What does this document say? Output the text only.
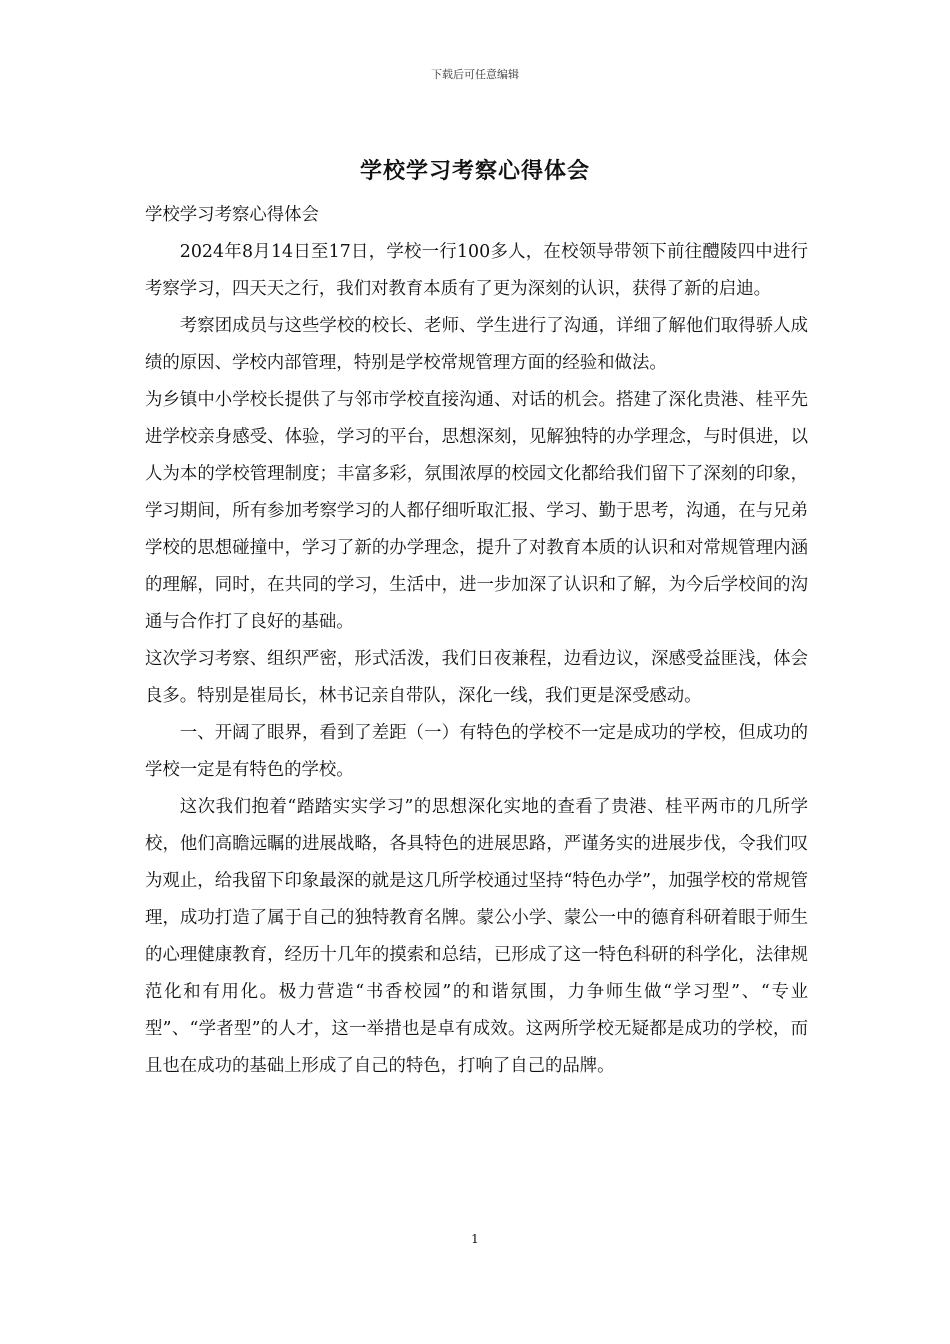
下载后可任意编辑
学校学习考察心得体会

学校学习考察心得体会

2024年8月14日至17日，学校一行100多人，在校领导带领下前往醴陵四中进行考察学习，四天天之行，我们对教育本质有了更为深刻的认识，获得了新的启迪。

考察团成员与这些学校的校长、老师、学生进行了沟通，详细了解他们取得骄人成绩的原因、学校内部管理，特别是学校常规管理方面的经验和做法。

为乡镇中小学校长提供了与邻市学校直接沟通、对话的机会。搭建了深化贵港、桂平先进学校亲身感受、体验，学习的平台，思想深刻，见解独特的办学理念，与时俱进，以人为本的学校管理制度；丰富多彩，氛围浓厚的校园文化都给我们留下了深刻的印象，学习期间，所有参加考察学习的人都仔细听取汇报、学习、勤于思考，沟通，在与兄弟学校的思想碰撞中，学习了新的办学理念，提升了对教育本质的认识和对常规管理内涵的理解，同时，在共同的学习，生活中，进一步加深了认识和了解，为今后学校间的沟通与合作打了良好的基础。

这次学习考察、组织严密，形式活泼，我们日夜兼程，边看边议，深感受益匪浅，体会良多。特别是崔局长，林书记亲自带队，深化一线，我们更是深受感动。

一、开阔了眼界，看到了差距（一）有特色的学校不一定是成功的学校，但成功的学校一定是有特色的学校。

这次我们抱着“踏踏实实学习”的思想深化实地的查看了贵港、桂平两市的几所学校，他们高瞻远瞩的进展战略，各具特色的进展思路，严谨务实的进展步伐，令我们叹为观止，给我留下印象最深的就是这几所学校通过坚持“特色办学”，加强学校的常规管理，成功打造了属于自己的独特教育名牌。蒙公小学、蒙公一中的德育科研着眼于师生的心理健康教育，经历十几年的摸索和总结，已形成了这一特色科研的科学化，法律规范化和有用化。极力营造“书香校园”的和谐氛围，力争师生做“学习型”、“专业型”、“学者型”的人才，这一举措也是卓有成效。这两所学校无疑都是成功的学校，而且也在成功的基础上形成了自己的特色，打响了自己的品牌。

1
